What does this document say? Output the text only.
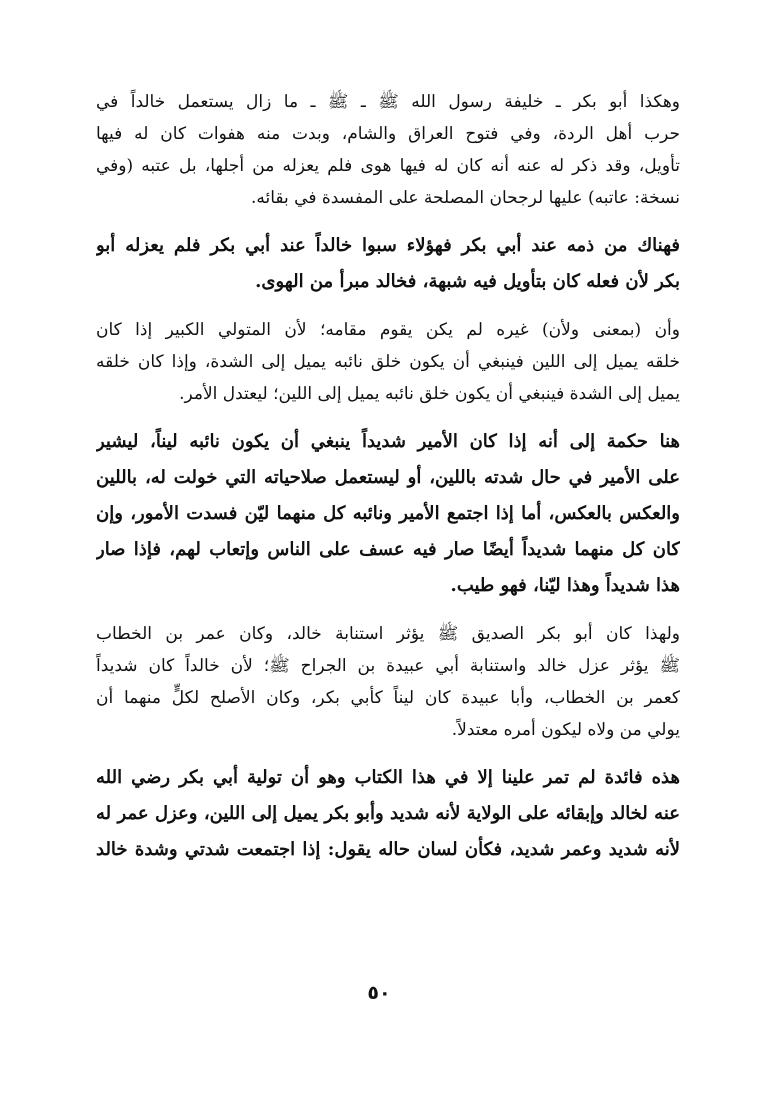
وهكذا أبو بكر ـ خليفة رسول الله ﷺ ـ ﷺ ـ ما زال يستعمل خالداً في
حرب أهل الردة، وفي فتوح العراق والشام، وبدت منه هفوات كان له فيها
تأويل، وقد ذكر له عنه أنه كان له فيها هوى فلم يعزله من أجلها، بل عتبه (وفي
نسخة: عاتبه) عليها لرجحان المصلحة على المفسدة في بقائه.
فهناك من ذمه عند أبي بكر فهؤلاء سبوا خالداً عند أبي بكر فلم يعزله أبو
بكر لأن فعله كان بتأويل فيه شبهة، فخالد مبرأ من الهوى.
وأن (بمعنى ولأن) غيره لم يكن يقوم مقامه؛ لأن المتولي الكبير إذا كان
خلقه يميل إلى اللين فينبغي أن يكون خلق نائبه يميل إلى الشدة، وإذا كان خلقه
يميل إلى الشدة فينبغي أن يكون خلق نائبه يميل إلى اللين؛ ليعتدل الأمر.
هنا حكمة إلى أنه إذا كان الأمير شديداً ينبغي أن يكون نائبه ليناً، ليشير
على الأمير في حال شدته باللين، أو ليستعمل صلاحياته التي خولت له، باللين
والعكس بالعكس، أما إذا اجتمع الأمير ونائبه كل منهما ليّن فسدت الأمور، وإن
كان كل منهما شديداً أيضًا صار فيه عسف على الناس وإتعاب لهم، فإذا صار
هذا شديداً وهذا ليّنا، فهو طيب.
ولهذا كان أبو بكر الصديق ﷺ يؤثر استنابة خالد، وكان عمر بن الخطاب
ﷺ يؤثر عزل خالد واستنابة أبي عبيدة بن الجراح ﷺ؛ لأن خالداً كان شديداً
كعمر بن الخطاب، وأبا عبيدة كان ليناً كأبي بكر، وكان الأصلح لكلٍّ منهما أن
يولي من ولاه ليكون أمره معتدلاً.
هذه فائدة لم تمر علينا إلا في هذا الكتاب وهو أن تولية أبي بكر رضي الله
عنه لخالد وإبقائه على الولاية لأنه شديد وأبو بكر يميل إلى اللين، وعزل عمر له
لأنه شديد وعمر شديد، فكأن لسان حاله يقول: إذا اجتمعت شدتي وشدة خالد
٥٠
